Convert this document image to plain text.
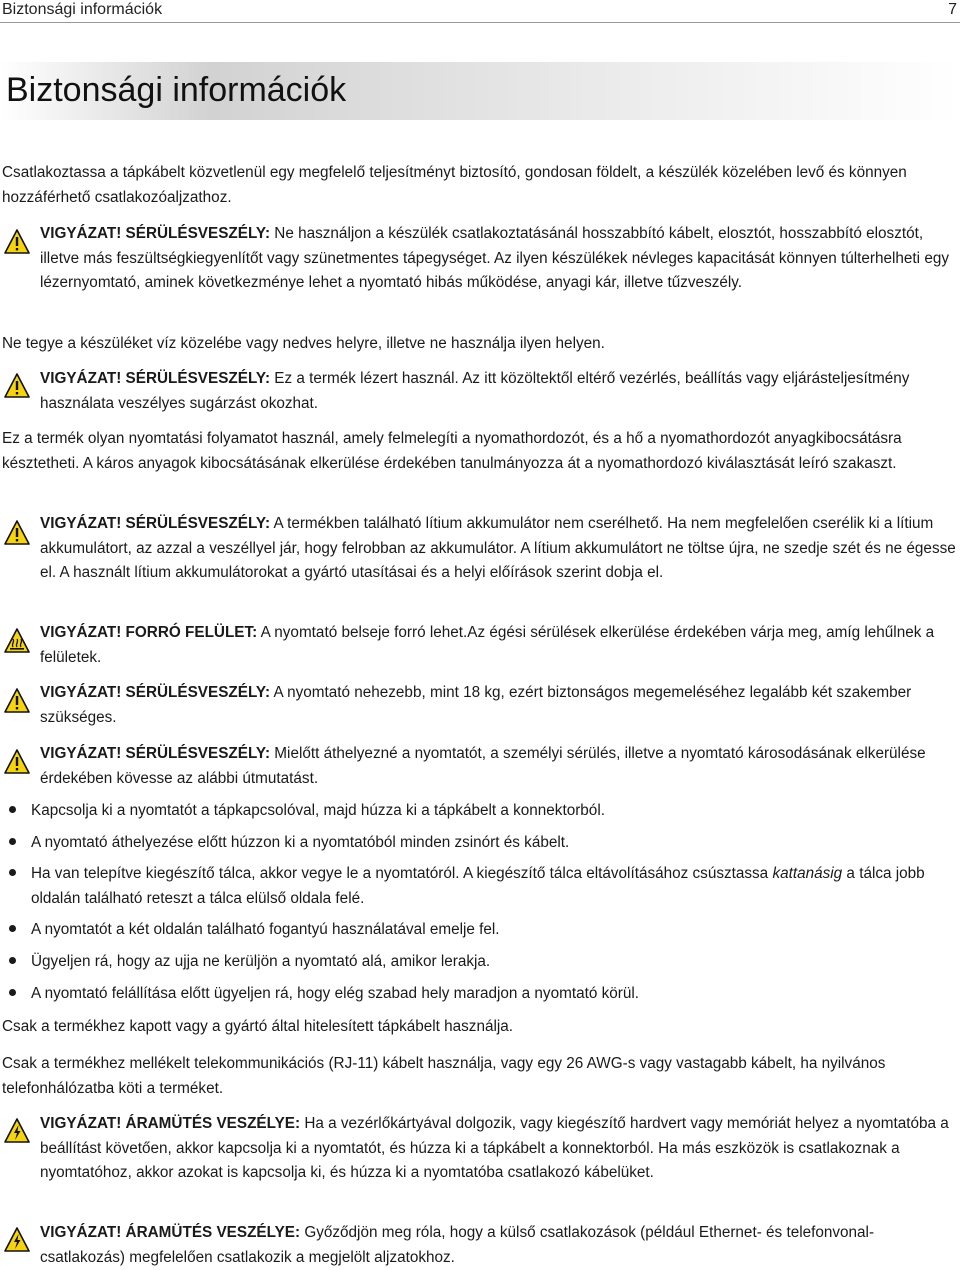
Biztonsági információk	7
Biztonsági információk

Csatlakoztassa a tápkábelt közvetlenül egy megfelelő teljesítményt biztosító, gondosan földelt, a készülék közelében levő és könnyen hozzáférhető csatlakozóaljzathoz.

VIGYÁZAT! SÉRÜLÉSVESZÉLY: Ne használjon a készülék csatlakoztatásánál hosszabbító kábelt, elosztót, hosszabbító elosztót, illetve más feszültségkiegyenlítőt vagy szünetmentes tápegységet. Az ilyen készülékek névleges kapacitását könnyen túlterhelheti egy lézernyomtató, aminek következménye lehet a nyomtató hibás működése, anyagi kár, illetve tűzveszély.

Ne tegye a készüléket víz közelébe vagy nedves helyre, illetve ne használja ilyen helyen.

VIGYÁZAT! SÉRÜLÉSVESZÉLY: Ez a termék lézert használ. Az itt közöltektől eltérő vezérlés, beállítás vagy eljárásteljesítmény használata veszélyes sugárzást okozhat.

Ez a termék olyan nyomtatási folyamatot használ, amely felmelegíti a nyomathordozót, és a hő a nyomathordozót anyagkibocsátásra késztetheti. A káros anyagok kibocsátásának elkerülése érdekében tanulmányozza át a nyomathordozó kiválasztását leíró szakaszt.

VIGYÁZAT! SÉRÜLÉSVESZÉLY: A termékben található lítium akkumulátor nem cserélhető. Ha nem megfelelően cserélik ki a lítium akkumulátort, az azzal a veszéllyel jár, hogy felrobban az akkumulátor. A lítium akkumulátort ne töltse újra, ne szedje szét és ne égesse el. A használt lítium akkumulátorokat a gyártó utasításai és a helyi előírások szerint dobja el.

VIGYÁZAT! FORRÓ FELÜLET: A nyomtató belseje forró lehet.Az égési sérülések elkerülése érdekében várja meg, amíg lehűlnek a felületek.

VIGYÁZAT! SÉRÜLÉSVESZÉLY: A nyomtató nehezebb, mint 18 kg, ezért biztonságos megemeléséhez legalább két szakember szükséges.

VIGYÁZAT! SÉRÜLÉSVESZÉLY: Mielőtt áthelyezné a nyomtatót, a személyi sérülés, illetve a nyomtató károsodásának elkerülése érdekében kövesse az alábbi útmutatást.

Kapcsolja ki a nyomtatót a tápkapcsolóval, majd húzza ki a tápkábelt a konnektorból.

A nyomtató áthelyezése előtt húzzon ki a nyomtatóból minden zsinórt és kábelt.

Ha van telepítve kiegészítő tálca, akkor vegye le a nyomtatóról. A kiegészítő tálca eltávolításához csúsztassa kattanásig a tálca jobb oldalán található reteszt a tálca elülső oldala felé.

A nyomtatót a két oldalán található fogantyú használatával emelje fel.

Ügyeljen rá, hogy az ujja ne kerüljön a nyomtató alá, amikor lerakja.

A nyomtató felállítása előtt ügyeljen rá, hogy elég szabad hely maradjon a nyomtató körül.

Csak a termékhez kapott vagy a gyártó által hitelesített tápkábelt használja.

Csak a termékhez mellékelt telekommunikációs (RJ-11) kábelt használja, vagy egy 26 AWG-s vagy vastagabb kábelt, ha nyilvános telefonhálózatba köti a terméket.

VIGYÁZAT! ÁRAMÜTÉS VESZÉLYE: Ha a vezérlőkártyával dolgozik, vagy kiegészítő hardvert vagy memóriát helyez a nyomtatóba a beállítást követően, akkor kapcsolja ki a nyomtatót, és húzza ki a tápkábelt a konnektorból. Ha más eszközök is csatlakoznak a nyomtatóhoz, akkor azokat is kapcsolja ki, és húzza ki a nyomtatóba csatlakozó kábelüket.

VIGYÁZAT! ÁRAMÜTÉS VESZÉLYE: Győződjön meg róla, hogy a külső csatlakozások (például Ethernet- és telefonvonal-csatlakozás) megfelelően csatlakozik a megjelölt aljzatokhoz.
